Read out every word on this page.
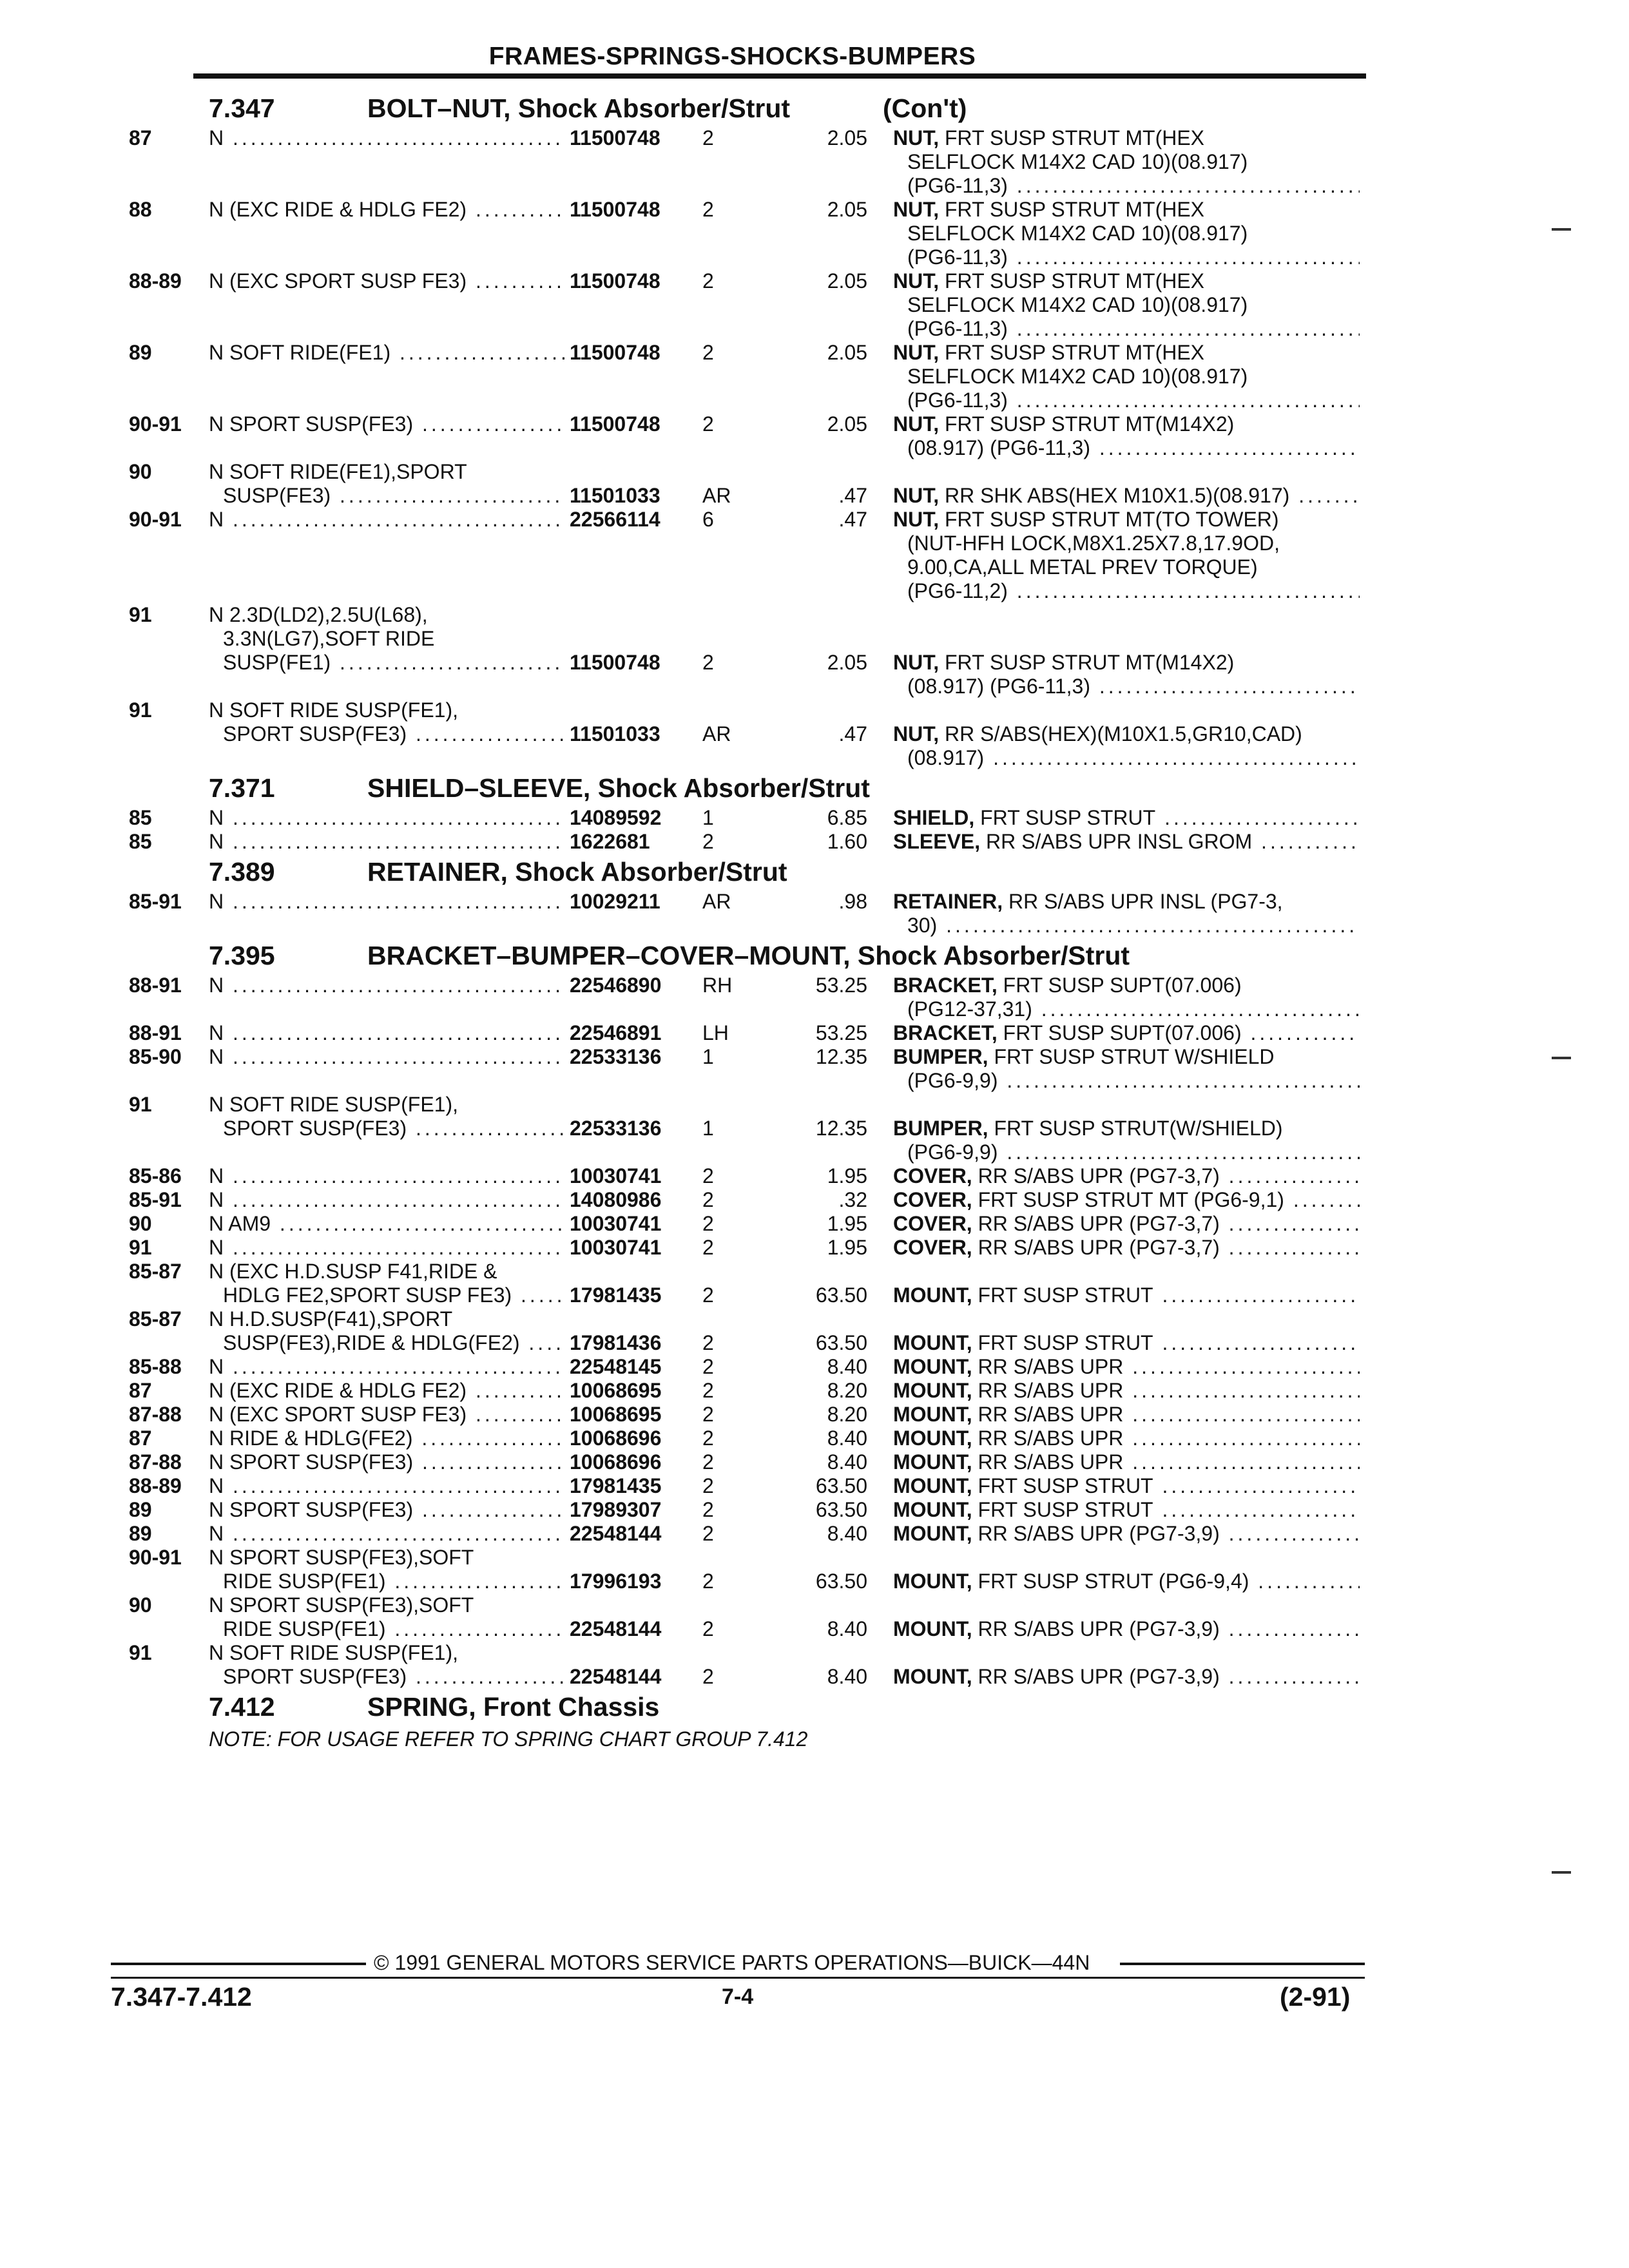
FRAMES-SPRINGS-SHOCKS-BUMPERS
7.347	BOLT–NUT, Shock Absorber/Strut	(Con't)
87	N .....	11500748 2	2.05 NUT, FRT SUSP STRUT MT(HEX
SELFLOCK M14X2 CAD 10)(08.917)
(PG6-11,3) .....
88	N (EXC RIDE & HDLG FE2) .....	11500748 2	2.05 NUT, FRT SUSP STRUT MT(HEX
SELFLOCK M14X2 CAD 10)(08.917)
(PG6-11,3) .....
88-89 N (EXC SPORT SUSP FE3) .....	11500748 2	2.05 NUT, FRT SUSP STRUT MT(HEX
SELFLOCK M14X2 CAD 10)(08.917)
(PG6-11,3) .....
89	N SOFT RIDE(FE1) .....	11500748 2	2.05 NUT, FRT SUSP STRUT MT(HEX
SELFLOCK M14X2 CAD 10)(08.917)
(PG6-11,3) .....
90-91 N SPORT SUSP(FE3) .....	11500748 2	2.05 NUT, FRT SUSP STRUT MT(M14X2)
(08.917) (PG6-11,3) .....
90	N SOFT RIDE(FE1),SPORT
SUSP(FE3) .....	11501033 AR	.47 NUT, RR SHK ABS(HEX M10X1.5)(08.917) .....
90-91 N .....	22566114 6	.47 NUT, FRT SUSP STRUT MT(TO TOWER)
(NUT-HFH LOCK,M8X1.25X7.8,17.9OD,
9.00,CA,ALL METAL PREV TORQUE)
(PG6-11,2) .....
91	N 2.3D(LD2),2.5U(L68),
3.3N(LG7),SOFT RIDE
SUSP(FE1) .....	11500748 2	2.05 NUT, FRT SUSP STRUT MT(M14X2)
(08.917) (PG6-11,3) .....
91	N SOFT RIDE SUSP(FE1),
SPORT SUSP(FE3) .....	11501033 AR	.47 NUT, RR S/ABS(HEX)(M10X1.5,GR10,CAD)
(08.917) .....
7.371	SHIELD–SLEEVE, Shock Absorber/Strut
85	N .....	14089592 1	6.85 SHIELD, FRT SUSP STRUT .....
85	N .....	1622681	2	1.60 SLEEVE, RR S/ABS UPR INSL GROM .....
7.389	RETAINER, Shock Absorber/Strut
85-91 N .....	10029211 AR	.98 RETAINER, RR S/ABS UPR INSL (PG7-3,
30) .....
7.395	BRACKET–BUMPER–COVER–MOUNT, Shock Absorber/Strut
88-91 N .....	22546890 RH	53.25 BRACKET, FRT SUSP SUPT(07.006)
(PG12-37,31) .....
88-91 N .....	22546891 LH	53.25 BRACKET, FRT SUSP SUPT(07.006) .....
85-90 N .....	22533136 1	12.35 BUMPER, FRT SUSP STRUT W/SHIELD
(PG6-9,9) .....
91	N SOFT RIDE SUSP(FE1),
SPORT SUSP(FE3) .....	22533136 1	12.35 BUMPER, FRT SUSP STRUT(W/SHIELD)
(PG6-9,9) .....
85-86 N .....	10030741 2	1.95 COVER, RR S/ABS UPR (PG7-3,7) .....
85-91 N .....	14080986 2	.32 COVER, FRT SUSP STRUT MT (PG6-9,1) .....
90	N AM9 .....	10030741 2	1.95 COVER, RR S/ABS UPR (PG7-3,7) .....
91	N .....	10030741 2	1.95 COVER, RR S/ABS UPR (PG7-3,7) .....
85-87 N (EXC H.D.SUSP F41,RIDE &
HDLG FE2,SPORT SUSP FE3) .....	17981435 2	63.50 MOUNT, FRT SUSP STRUT .....
85-87 N H.D.SUSP(F41),SPORT
SUSP(FE3),RIDE & HDLG(FE2) .....	17981436 2	63.50 MOUNT, FRT SUSP STRUT .....
85-88 N .....	22548145 2	8.40 MOUNT, RR S/ABS UPR .....
87	N (EXC RIDE & HDLG FE2) .....	10068695 2	8.20 MOUNT, RR S/ABS UPR .....
87-88 N (EXC SPORT SUSP FE3) .....	10068695 2	8.20 MOUNT, RR S/ABS UPR .....
87	N RIDE & HDLG(FE2) .....	10068696 2	8.40 MOUNT, RR S/ABS UPR .....
87-88 N SPORT SUSP(FE3) .....	10068696 2	8.40 MOUNT, RR S/ABS UPR .....
88-89 N .....	17981435 2	63.50 MOUNT, FRT SUSP STRUT .....
89	N SPORT SUSP(FE3) .....	17989307 2	63.50 MOUNT, FRT SUSP STRUT .....
89	N .....	22548144 2	8.40 MOUNT, RR S/ABS UPR (PG7-3,9) .....
90-91 N SPORT SUSP(FE3),SOFT
RIDE SUSP(FE1) .....	17996193 2	63.50 MOUNT, FRT SUSP STRUT (PG6-9,4) .....
90	N SPORT SUSP(FE3),SOFT
RIDE SUSP(FE1) .....	22548144 2	8.40 MOUNT, RR S/ABS UPR (PG7-3,9) .....
91	N SOFT RIDE SUSP(FE1),
SPORT SUSP(FE3) .....	22548144 2	8.40 MOUNT, RR S/ABS UPR (PG7-3,9) .....
7.412	SPRING, Front Chassis
NOTE: FOR USAGE REFER TO SPRING CHART GROUP 7.412
© 1991 GENERAL MOTORS SERVICE PARTS OPERATIONS—BUICK—44N
7.347-7.412	7-4	(2-91)
